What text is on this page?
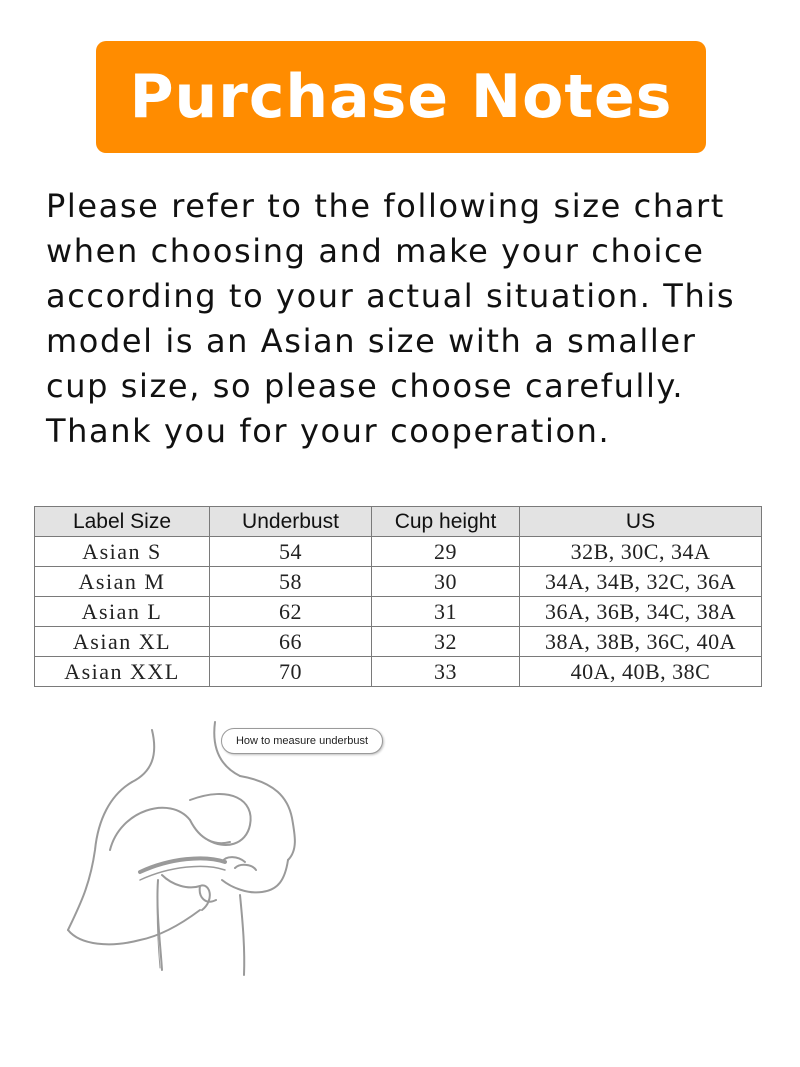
Purchase Notes
Please refer to the following size chart
when choosing and make your choice
according to your actual situation. This
model is an Asian size with a smaller
cup size, so please choose carefully.
Thank you for your cooperation.
Label Size	Underbust	Cup height	US
Asian S	54	29	32B, 30C, 34A
Asian M	58	30	34A, 34B, 32C, 36A
Asian L	62	31	36A, 36B, 34C, 38A
Asian XL	66	32	38A, 38B, 36C, 40A
Asian XXL	70	33	40A, 40B, 38C
How to measure underbust
